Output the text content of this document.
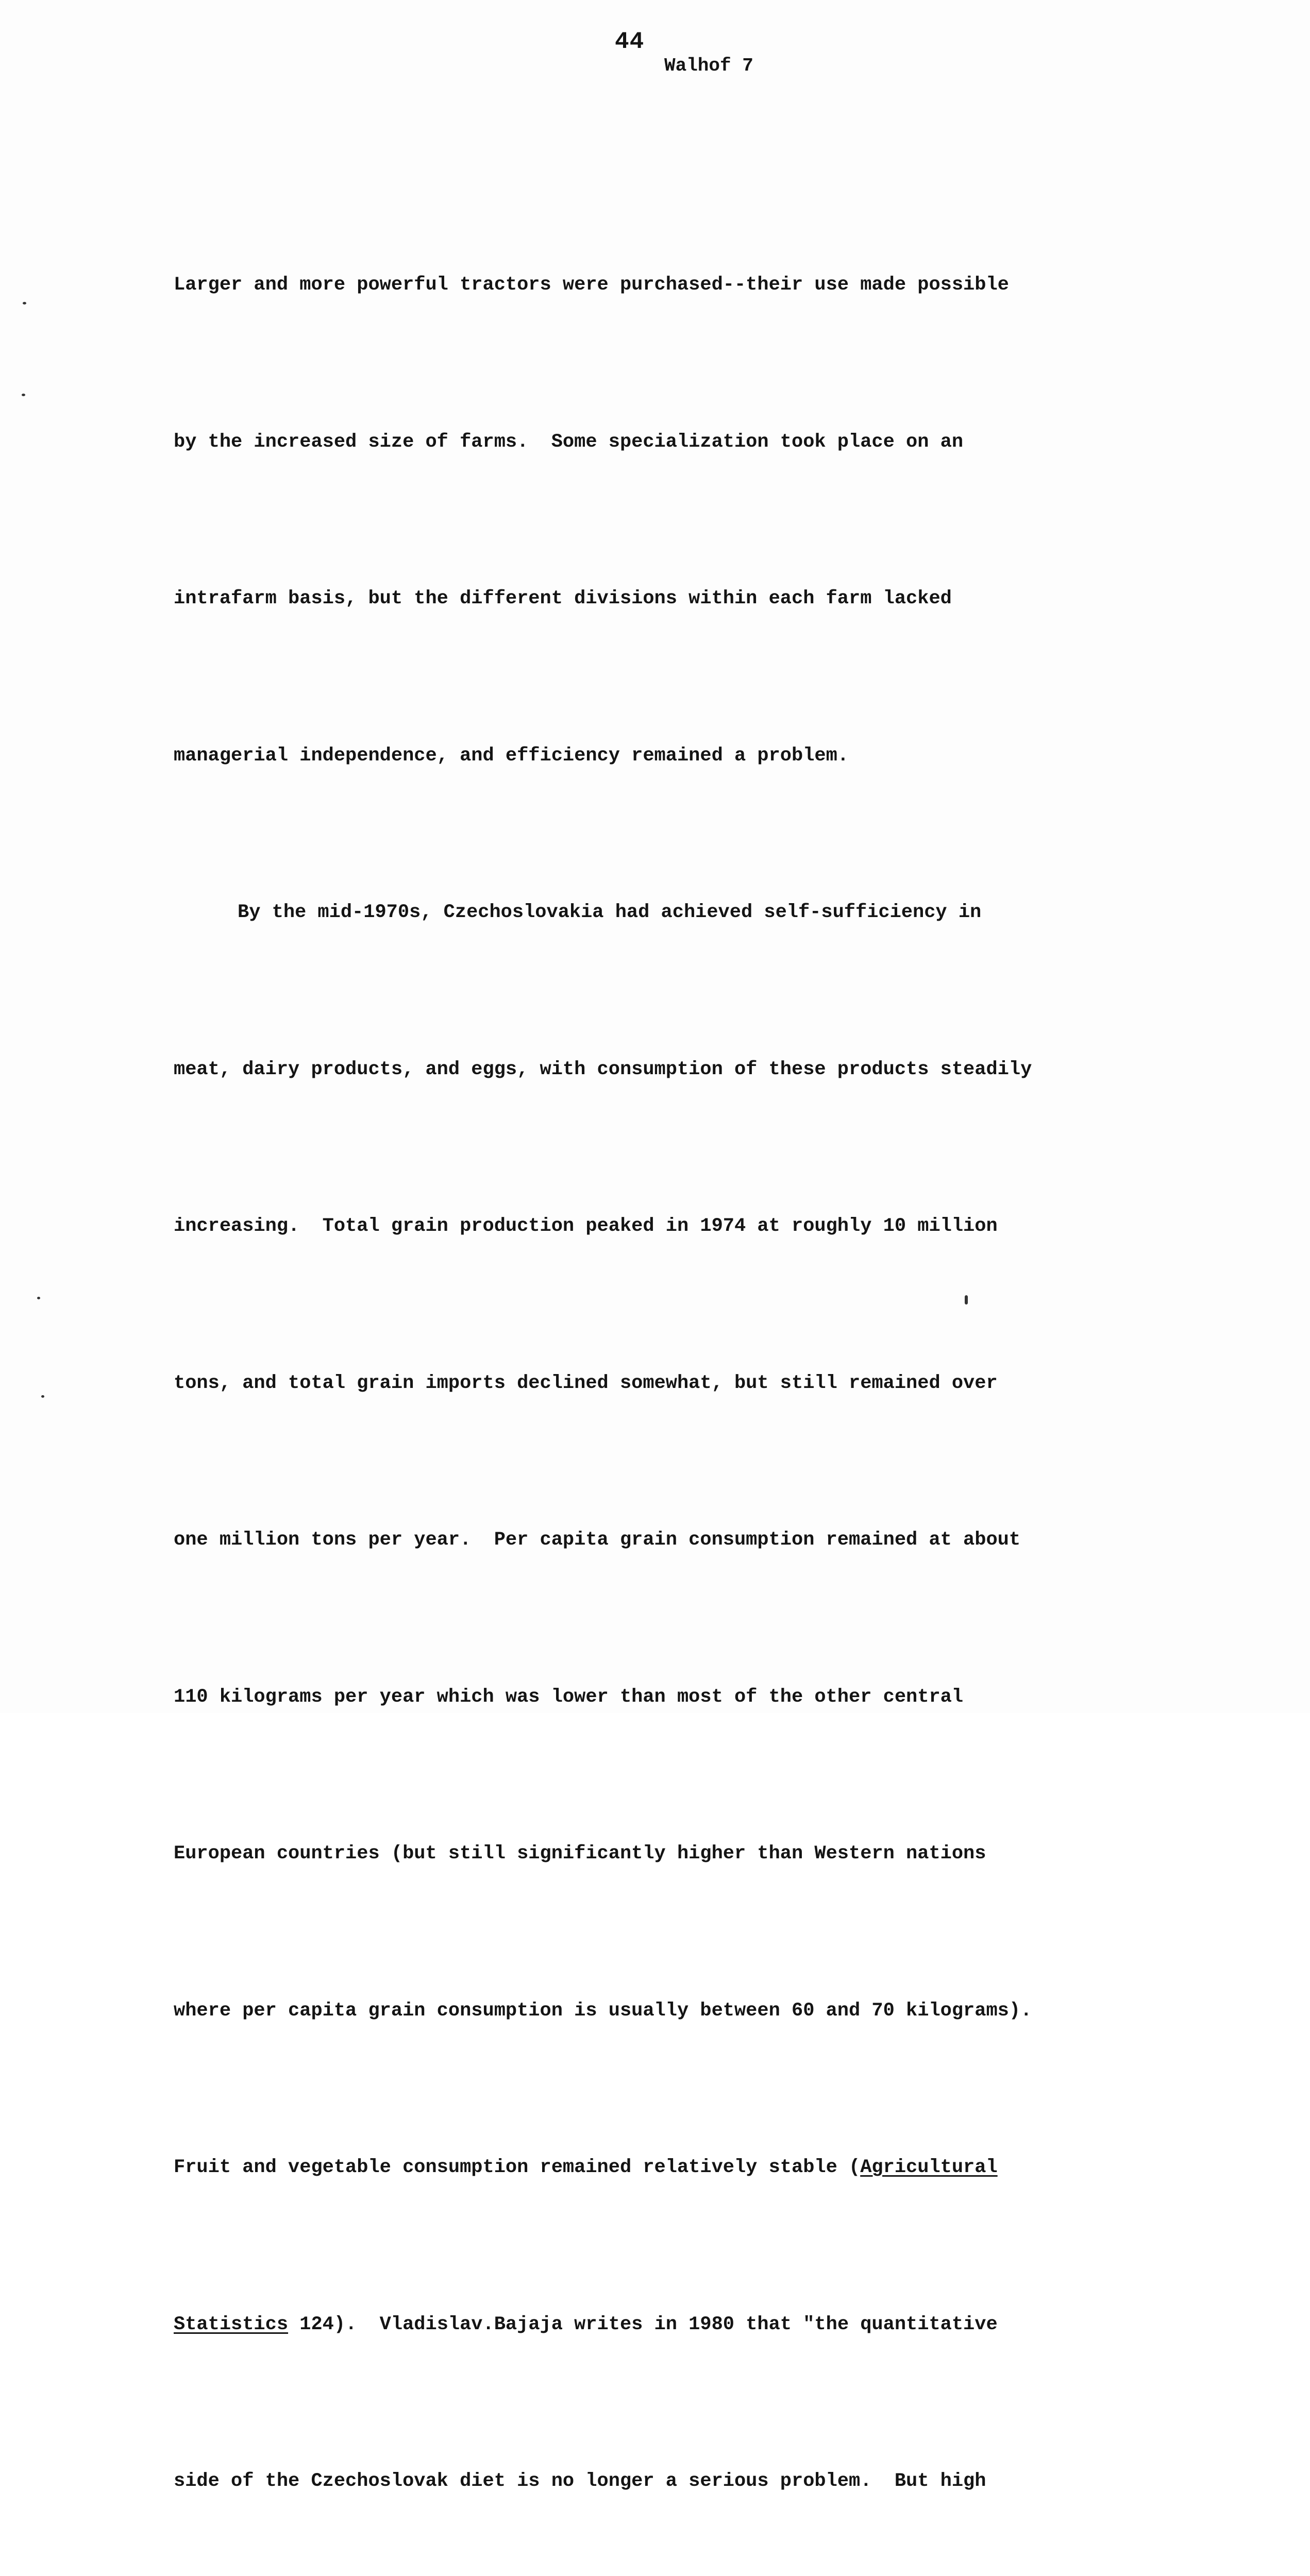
44
Walhof 7

Larger and more powerful tractors were purchased--their use made possible

by the increased size of farms.  Some specialization took place on an

intrafarm basis, but the different divisions within each farm lacked

managerial independence, and efficiency remained a problem.

By the mid-1970s, Czechoslovakia had achieved self-sufficiency in

meat, dairy products, and eggs, with consumption of these products steadily

increasing.  Total grain production peaked in 1974 at roughly 10 million

tons, and total grain imports declined somewhat, but still remained over

one million tons per year.  Per capita grain consumption remained at about

110 kilograms per year which was lower than most of the other central

European countries (but still significantly higher than Western nations

where per capita grain consumption is usually between 60 and 70 kilograms).

Fruit and vegetable consumption remained relatively stable (Agricultural

Statistics 124).  Vladislav.Bajaja writes in 1980 that "the quantitative

side of the Czechoslovak diet is no longer a serious problem.  But high
